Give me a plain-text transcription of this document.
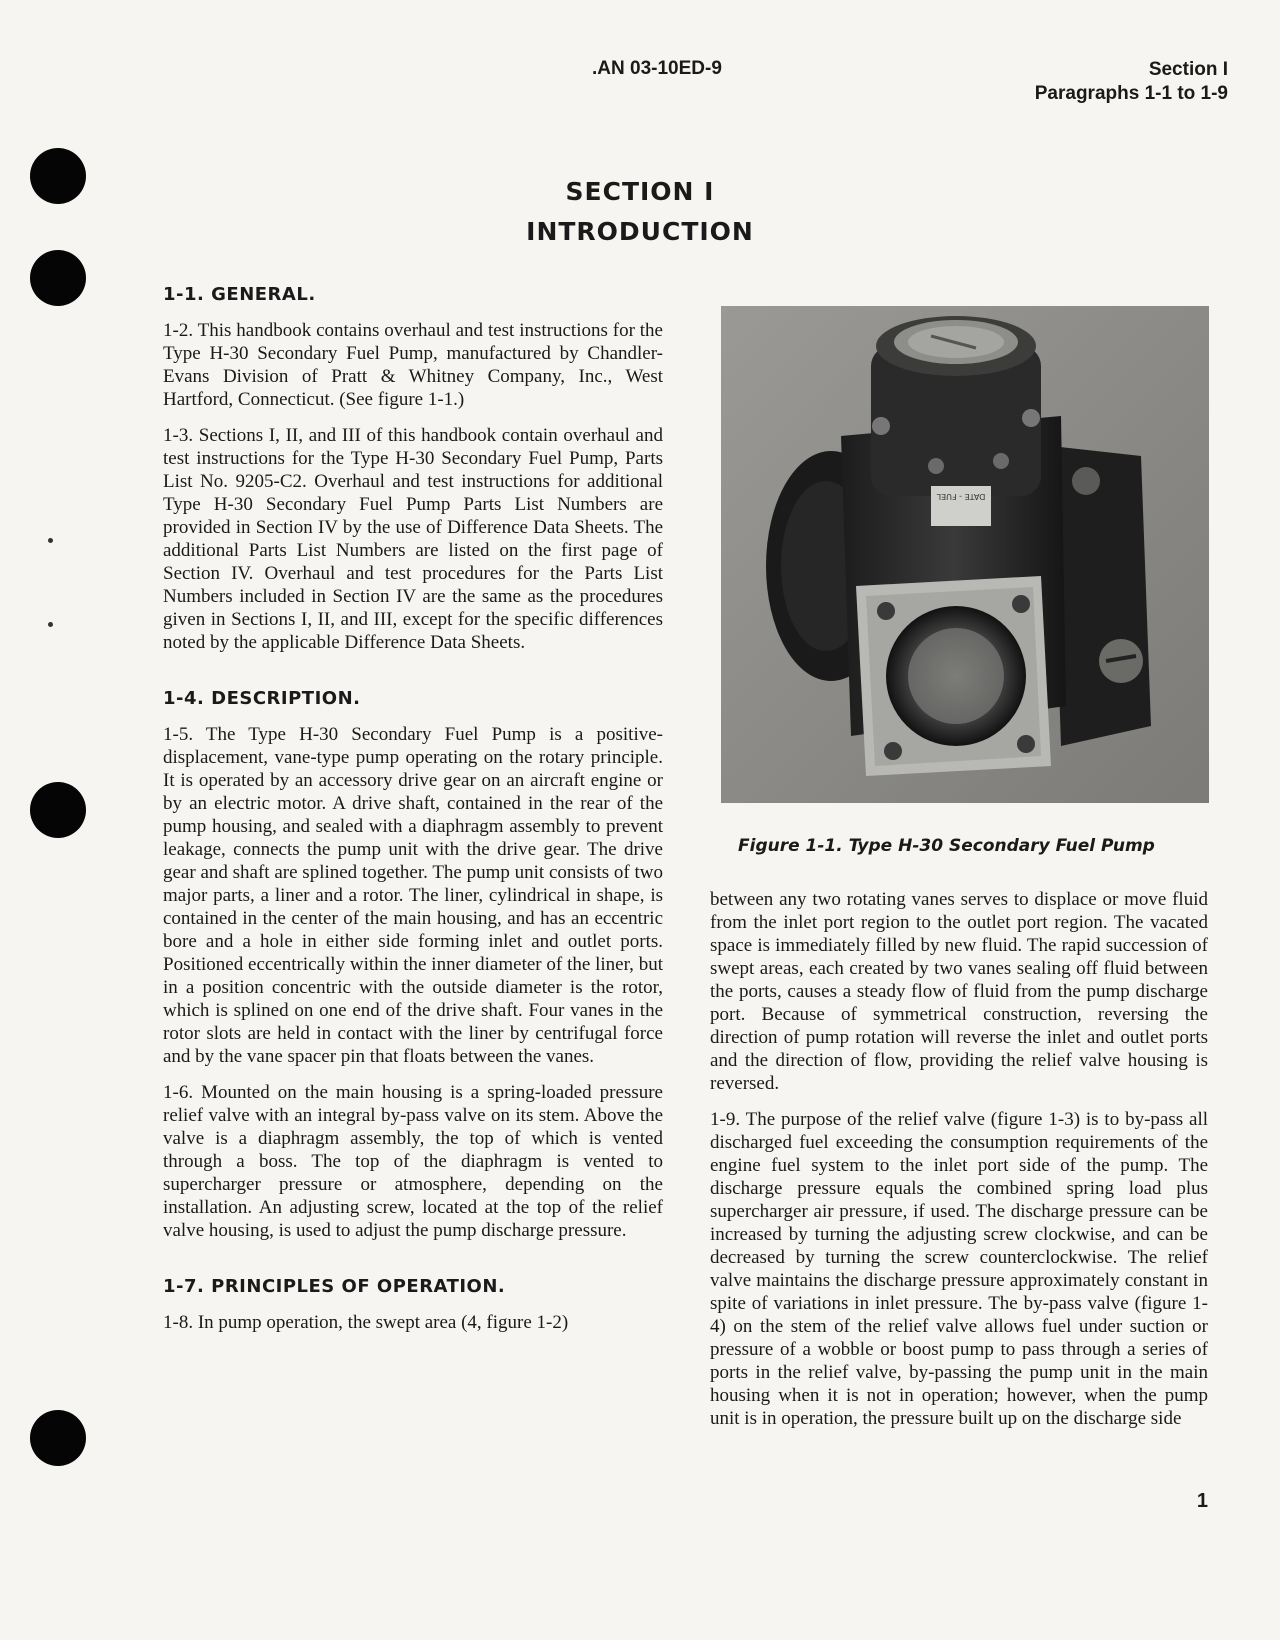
.AN 03-10ED-9	Section I
Paragraphs 1-1 to 1-9
SECTION I
INTRODUCTION
1-1. GENERAL.

1-2. This handbook contains overhaul and test instructions for the Type H-30 Secondary Fuel Pump, manufactured by Chandler-Evans Division of Pratt & Whitney Company, Inc., West Hartford, Connecticut. (See figure 1-1.)

1-3. Sections I, II, and III of this handbook contain overhaul and test instructions for the Type H-30 Secondary Fuel Pump, Parts List No. 9205-C2. Overhaul and test instructions for additional Type H-30 Secondary Fuel Pump Parts List Numbers are provided in Section IV by the use of Difference Data Sheets. The additional Parts List Numbers are listed on the first page of Section IV. Overhaul and test procedures for the Parts List Numbers included in Section IV are the same as the procedures given in Sections I, II, and III, except for the specific differences noted by the applicable Difference Data Sheets.

1-4. DESCRIPTION.

1-5. The Type H-30 Secondary Fuel Pump is a positive-displacement, vane-type pump operating on the rotary principle. It is operated by an accessory drive gear on an aircraft engine or by an electric motor. A drive shaft, contained in the rear of the pump housing, and sealed with a diaphragm assembly to prevent leakage, connects the pump unit with the drive gear. The drive gear and shaft are splined together. The pump unit consists of two major parts, a liner and a rotor. The liner, cylindrical in shape, is contained in the center of the main housing, and has an eccentric bore and a hole in either side forming inlet and outlet ports. Positioned eccentrically within the inner diameter of the liner, but in a position concentric with the outside diameter is the rotor, which is splined on one end of the drive shaft. Four vanes in the rotor slots are held in contact with the liner by centrifugal force and by the vane spacer pin that floats between the vanes.

1-6. Mounted on the main housing is a spring-loaded pressure relief valve with an integral by-pass valve on its stem. Above the valve is a diaphragm assembly, the top of which is vented through a boss. The top of the diaphragm is vented to supercharger pressure or atmosphere, depending on the installation. An adjusting screw, located at the top of the relief valve housing, is used to adjust the pump discharge pressure.

1-7. PRINCIPLES OF OPERATION.

1-8. In pump operation, the swept area (4, figure 1-2)

DATE - FUEL
Figure 1-1. Type H-30 Secondary Fuel Pump

between any two rotating vanes serves to displace or move fluid from the inlet port region to the outlet port region. The vacated space is immediately filled by new fluid. The rapid succession of swept areas, each created by two vanes sealing off fluid between the ports, causes a steady flow of fluid from the pump discharge port. Because of symmetrical construction, reversing the direction of pump rotation will reverse the inlet and outlet ports and the direction of flow, providing the relief valve housing is reversed.

1-9. The purpose of the relief valve (figure 1-3) is to by-pass all discharged fuel exceeding the consumption requirements of the engine fuel system to the inlet port side of the pump. The discharge pressure equals the combined spring load plus supercharger air pressure, if used. The discharge pressure can be increased by turning the adjusting screw clockwise, and can be decreased by turning the screw counterclockwise. The relief valve maintains the discharge pressure approximately constant in spite of variations in inlet pressure. The by-pass valve (figure 1-4) on the stem of the relief valve allows fuel under suction or pressure of a wobble or boost pump to pass through a series of ports in the relief valve, by-passing the pump unit in the main housing when it is not in operation; however, when the pump unit is in operation, the pressure built up on the discharge side

1
